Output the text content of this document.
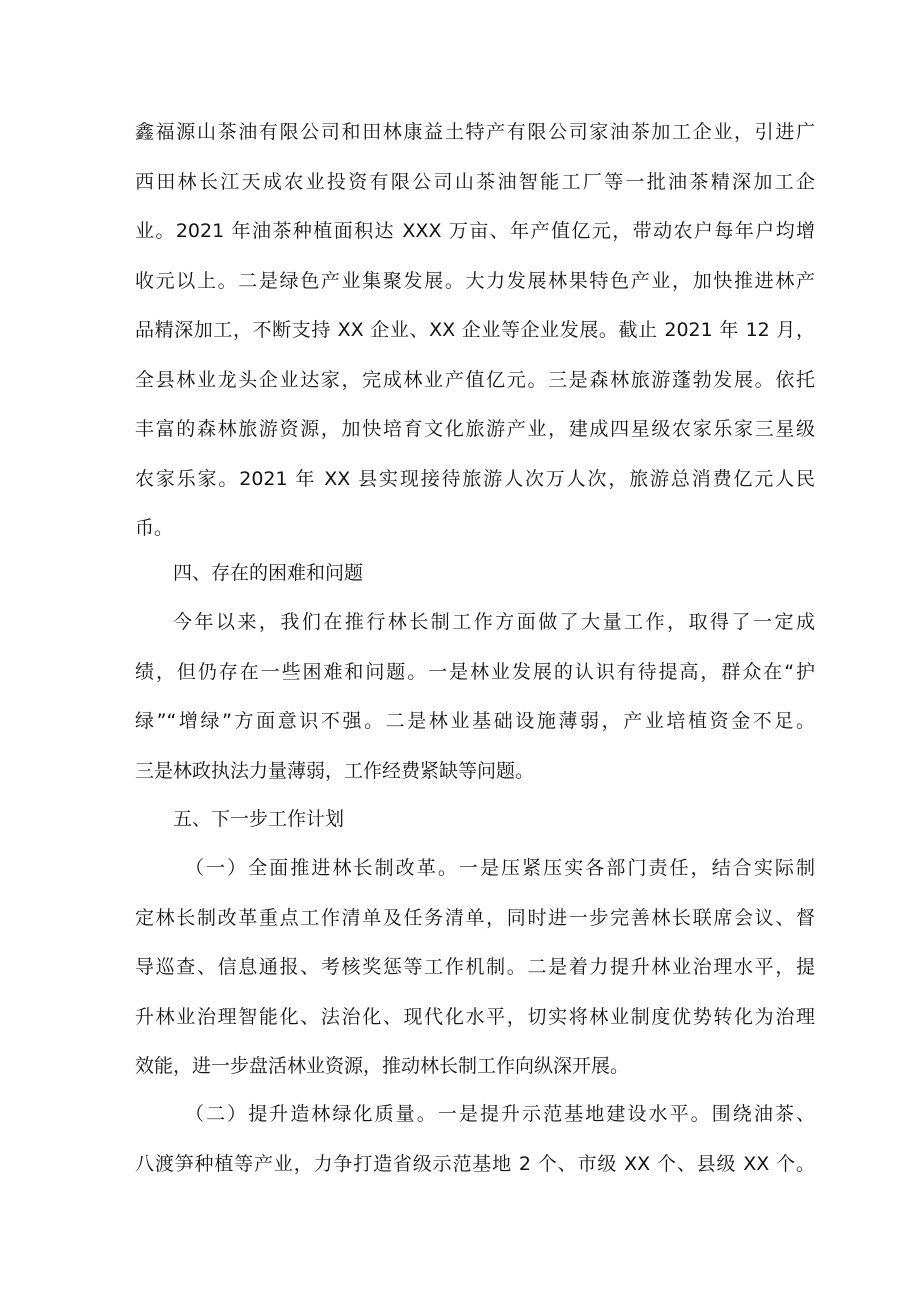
鑫福源山茶油有限公司和田林康益土特产有限公司家油茶加工企业，引进广
西田林长江天成农业投资有限公司山茶油智能工厂等一批油茶精深加工企
业。2021 年油茶种植面积达 XXX 万亩、年产值亿元，带动农户每年户均增
收元以上。二是绿色产业集聚发展。大力发展林果特色产业，加快推进林产
品精深加工，不断支持 XX 企业、XX 企业等企业发展。截止 2021 年 12 月，
全县林业龙头企业达家，完成林业产值亿元。三是森林旅游蓬勃发展。依托
丰富的森林旅游资源，加快培育文化旅游产业，建成四星级农家乐家三星级
农家乐家。2021 年 XX 县实现接待旅游人次万人次，旅游总消费亿元人民
币。
四、存在的困难和问题
今年以来，我们在推行林长制工作方面做了大量工作，取得了一定成
绩，但仍存在一些困难和问题。一是林业发展的认识有待提高，群众在“护
绿”“增绿”方面意识不强。二是林业基础设施薄弱，产业培植资金不足。
三是林政执法力量薄弱，工作经费紧缺等问题。
五、下一步工作计划
（一）全面推进林长制改革。一是压紧压实各部门责任，结合实际制
定林长制改革重点工作清单及任务清单，同时进一步完善林长联席会议、督
导巡查、信息通报、考核奖惩等工作机制。二是着力提升林业治理水平，提
升林业治理智能化、法治化、现代化水平，切实将林业制度优势转化为治理
效能，进一步盘活林业资源，推动林长制工作向纵深开展。
（二）提升造林绿化质量。一是提升示范基地建设水平。围绕油茶、
八渡笋种植等产业，力争打造省级示范基地 2 个、市级 XX 个、县级 XX 个。
